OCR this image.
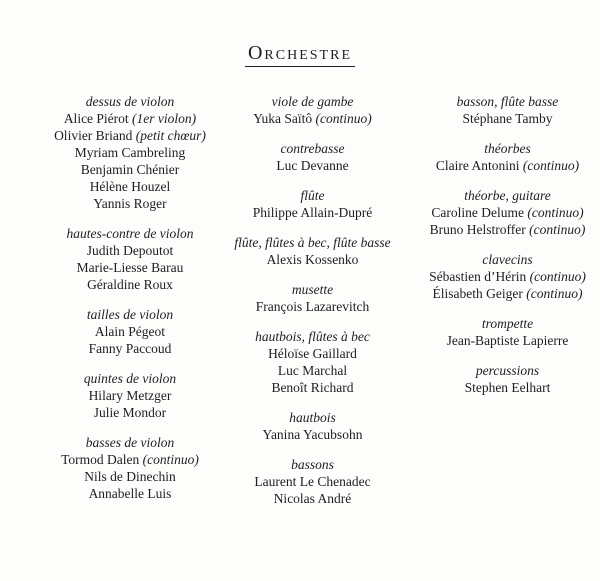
Orchestre
dessus de violon
Alice Piérot (1er violon)
Olivier Briand (petit chœur)
Myriam Cambreling
Benjamin Chénier
Hélène Houzel
Yannis Roger
hautes-contre de violon
Judith Depoutot
Marie-Liesse Barau
Géraldine Roux
tailles de violon
Alain Pégeot
Fanny Paccoud
quintes de violon
Hilary Metzger
Julie Mondor
basses de violon
Tormod Dalen (continuo)
Nils de Dinechin
Annabelle Luis
viole de gambe
Yuka Saïtô (continuo)
contrebasse
Luc Devanne
flûte
Philippe Allain-Dupré
flûte, flûtes à bec, flûte basse
Alexis Kossenko
musette
François Lazarevitch
hautbois, flûtes à bec
Héloïse Gaillard
Luc Marchal
Benoît Richard
hautbois
Yanina Yacubsohn
bassons
Laurent Le Chenadec
Nicolas André
basson, flûte basse
Stéphane Tamby
théorbes
Claire Antonini (continuo)
théorbe, guitare
Caroline Delume (continuo)
Bruno Helstroffer (continuo)
clavecins
Sébastien d’Hérin (continuo)
Élisabeth Geiger (continuo)
trompette
Jean-Baptiste Lapierre
percussions
Stephen Eelhart
